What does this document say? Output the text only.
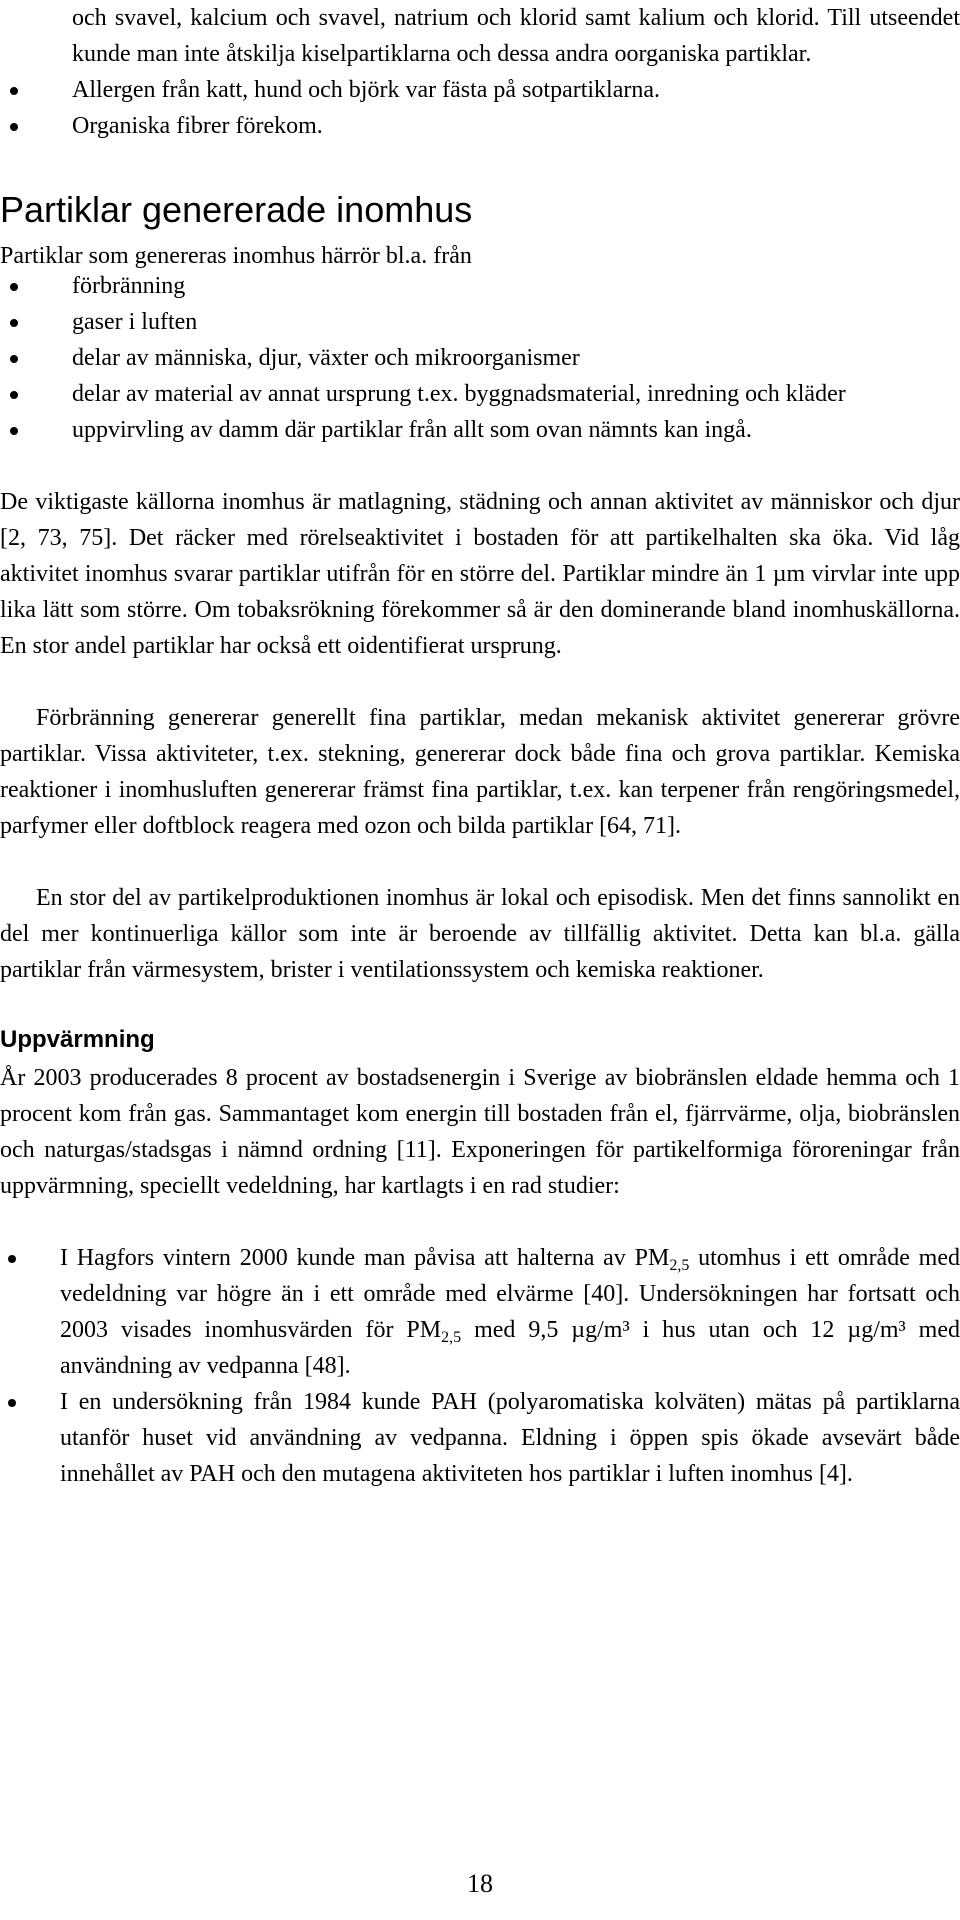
och svavel, kalcium och svavel, natrium och klorid samt kalium och klorid. Till utseendet kunde man inte åtskilja kiselpartiklarna och dessa andra oorganiska partiklar.
Allergen från katt, hund och björk var fästa på sotpartiklarna.
Organiska fibrer förekom.
Partiklar genererade inomhus

Partiklar som genereras inomhus härrör bl.a. från

förbränning
gaser i luften
delar av människa, djur, växter och mikroorganismer
delar av material av annat ursprung t.ex. byggnadsmaterial, inredning och kläder
uppvirvling av damm där partiklar från allt som ovan nämnts kan ingå.

De viktigaste källorna inomhus är matlagning, städning och annan aktivitet av människor och djur [2, 73, 75]. Det räcker med rörelseaktivitet i bostaden för att partikelhalten ska öka. Vid låg aktivitet inomhus svarar partiklar utifrån för en större del. Partiklar mindre än 1 µm virvlar inte upp lika lätt som större. Om tobaksrökning förekommer så är den dominerande bland inomhuskällorna. En stor andel partiklar har också ett oidentifierat ursprung.

Förbränning genererar generellt fina partiklar, medan mekanisk aktivitet genererar grövre partiklar. Vissa aktiviteter, t.ex. stekning, genererar dock både fina och grova partiklar. Kemiska reaktioner i inomhusluften genererar främst fina partiklar, t.ex. kan terpener från rengöringsmedel, parfymer eller doftblock reagera med ozon och bilda partiklar [64, 71].

En stor del av partikelproduktionen inomhus är lokal och episodisk. Men det finns sannolikt en del mer kontinuerliga källor som inte är beroende av tillfällig aktivitet. Detta kan bl.a. gälla partiklar från värmesystem, brister i ventilationssystem och kemiska reaktioner.

Uppvärmning

År 2003 producerades 8 procent av bostadsenergin i Sverige av biobränslen eldade hemma och 1 procent kom från gas. Sammantaget kom energin till bostaden från el, fjärrvärme, olja, biobränslen och naturgas/stadsgas i nämnd ordning [11]. Exponeringen för partikelformiga föroreningar från uppvärmning, speciellt vedeldning, har kartlagts i en rad studier:

I Hagfors vintern 2000 kunde man påvisa att halterna av $PM_{2,5}$ utomhus i ett område med vedeldning var högre än i ett område med elvärme [40]. Undersökningen har fortsatt och 2003 visades inomhusvärden för $PM_{2,5}$ med 9,5 µg/m³ i hus utan och 12 µg/m³ med användning av vedpanna [48].
I en undersökning från 1984 kunde PAH (polyaromatiska kolväten) mätas på partiklarna utanför huset vid användning av vedpanna. Eldning i öppen spis ökade avsevärt både innehållet av PAH och den mutagena aktiviteten hos partiklar i luften inomhus [4].
18
